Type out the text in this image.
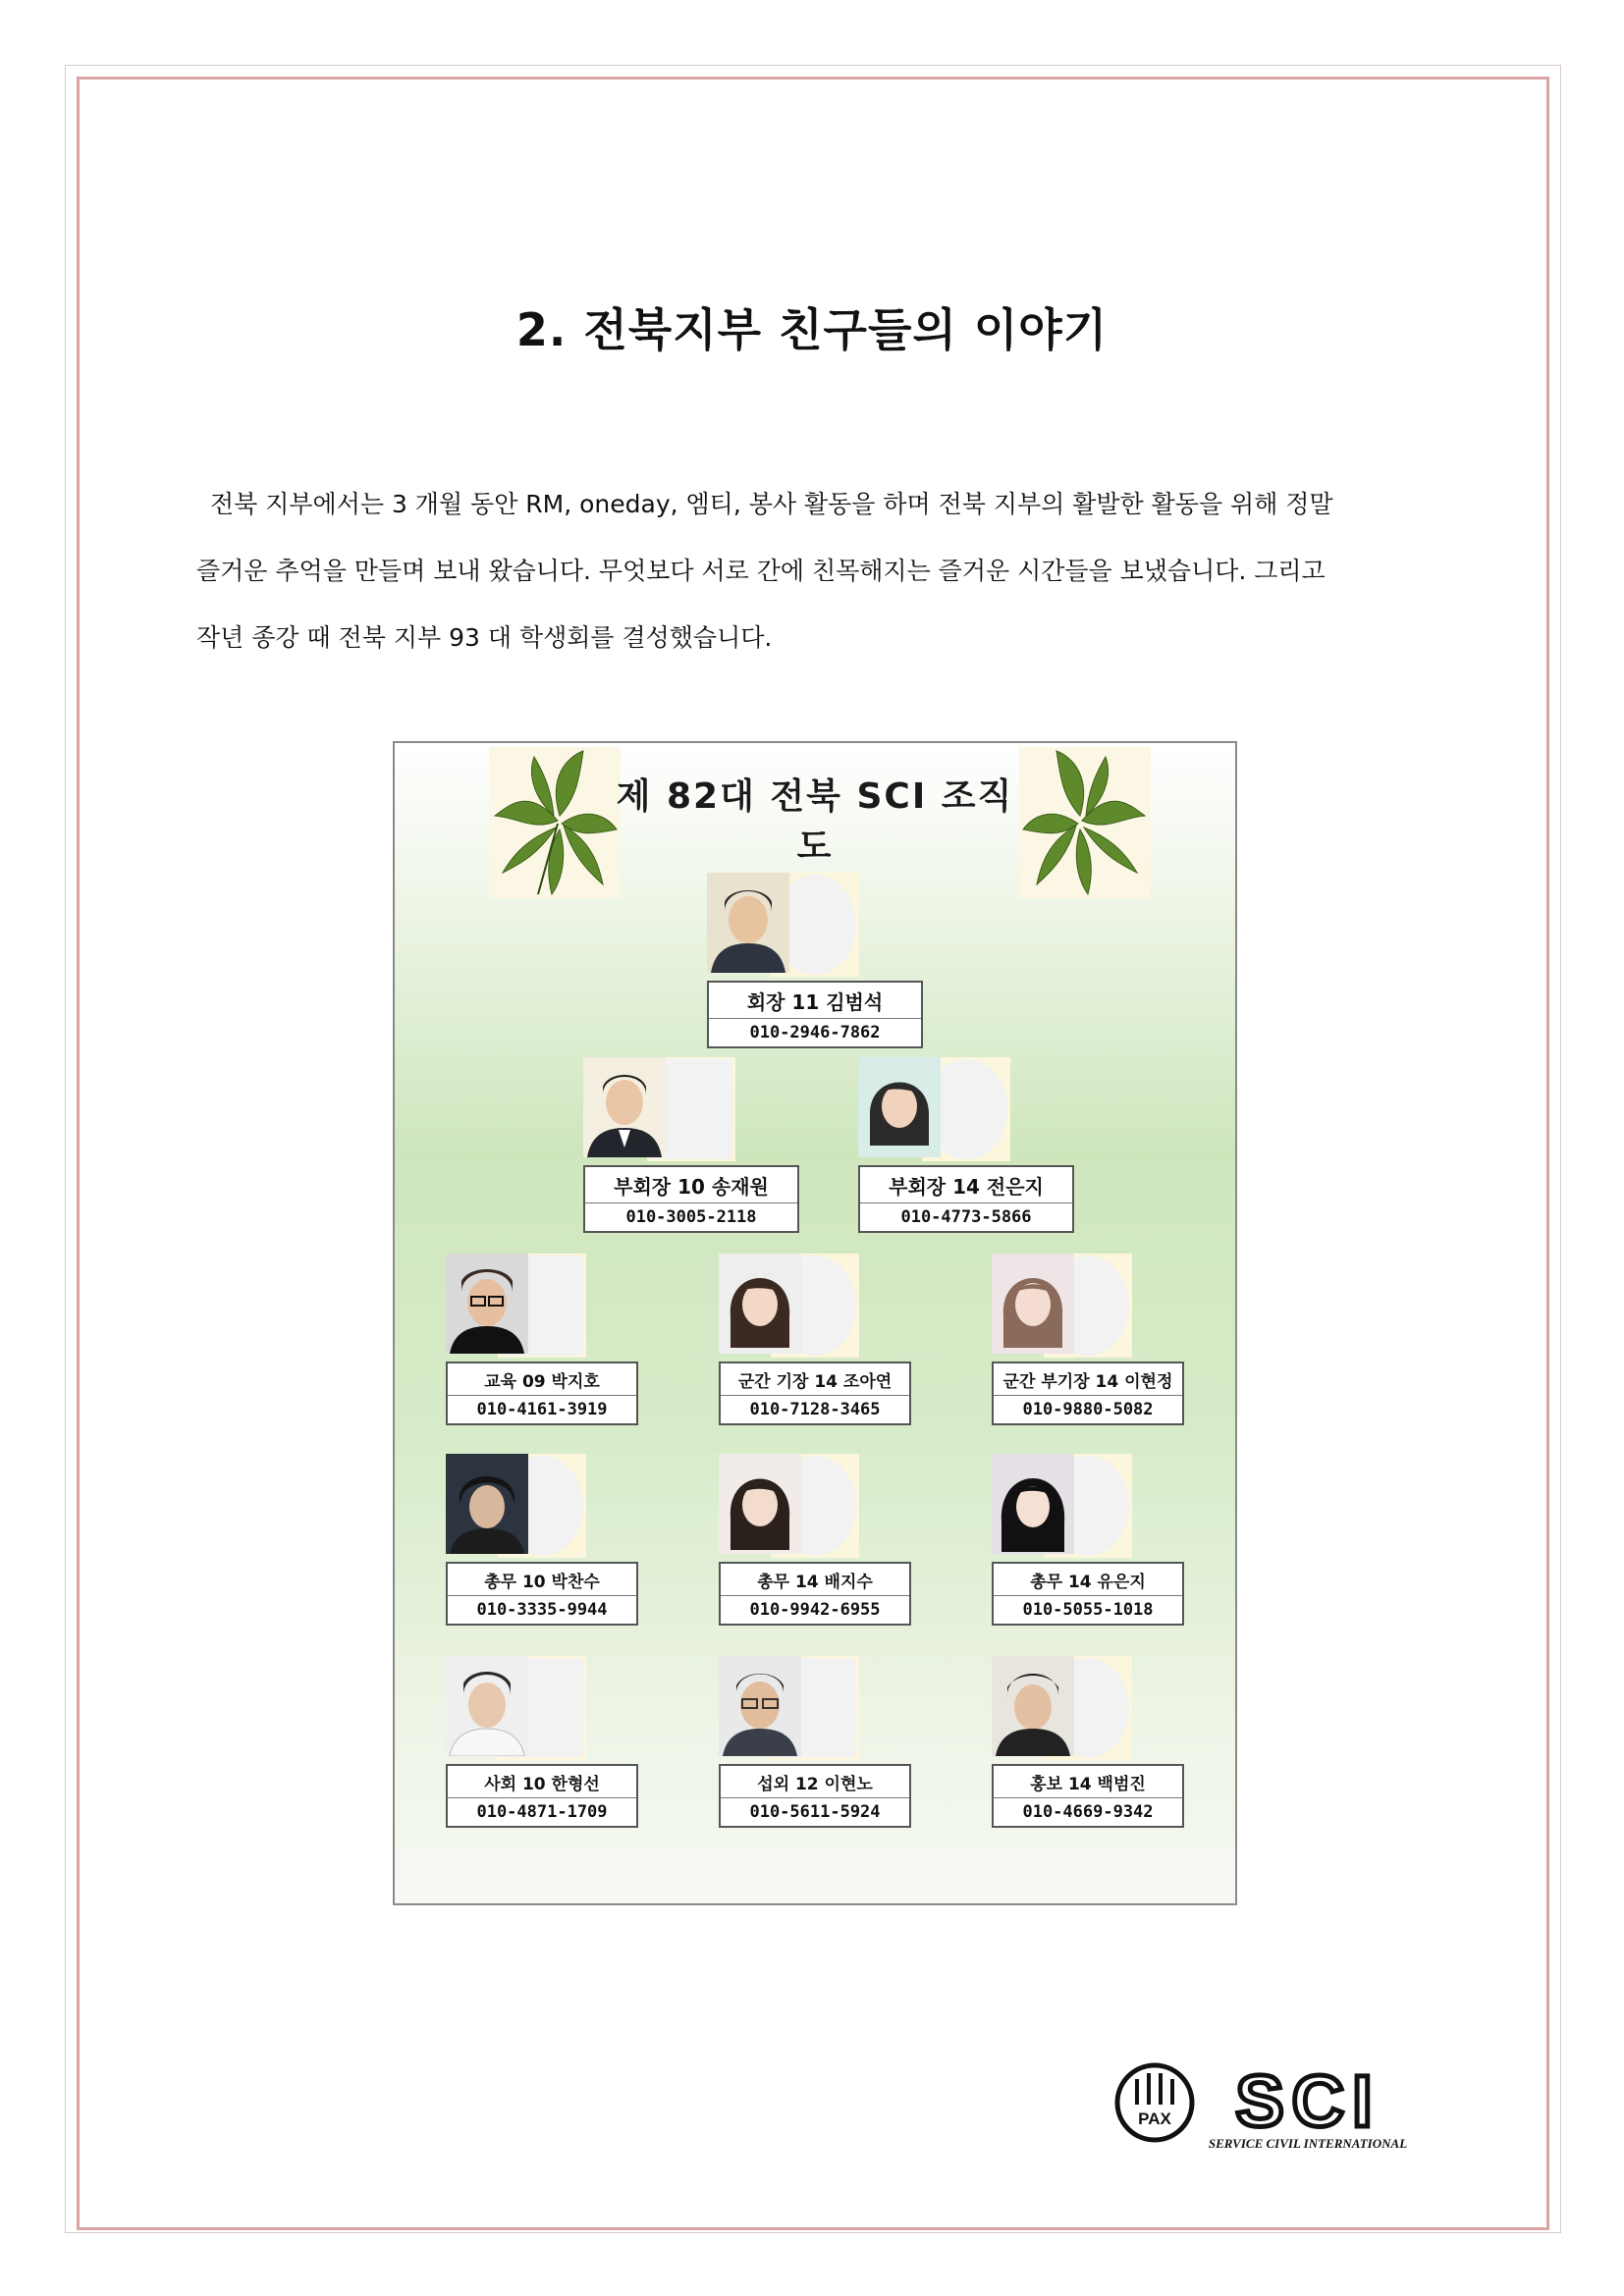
2. 전북지부 친구들의 이야기

전북 지부에서는 3 개월 동안 RM, oneday, 엠티, 봉사 활동을 하며 전북 지부의 활발한 활동을 위해 정말

즐거운 추억을 만들며 보내 왔습니다. 무엇보다 서로 간에 친목해지는 즐거운 시간들을 보냈습니다. 그리고

작년 종강 때 전북 지부 93 대 학생회를 결성했습니다.

제 82대 전북 SCI 조직도
회장 11 김범석
010-2946-7862
부회장 10 송재원
010-3005-2118
부회장 14 전은지
010-4773-5866
교육 09 박지호
010-4161-3919
군간 기장 14 조아연
010-7128-3465
군간 부기장 14 이현정
010-9880-5082
총무 10 박찬수
010-3335-9944
총무 14 배지수
010-9942-6955
총무 14 유은지
010-5055-1018
사회 10 한형선
010-4871-1709
섭외 12 이현노
010-5611-5924
홍보 14 백범진
010-4669-9342
PAX SCI
SERVICE CIVIL INTERNATIONAL
